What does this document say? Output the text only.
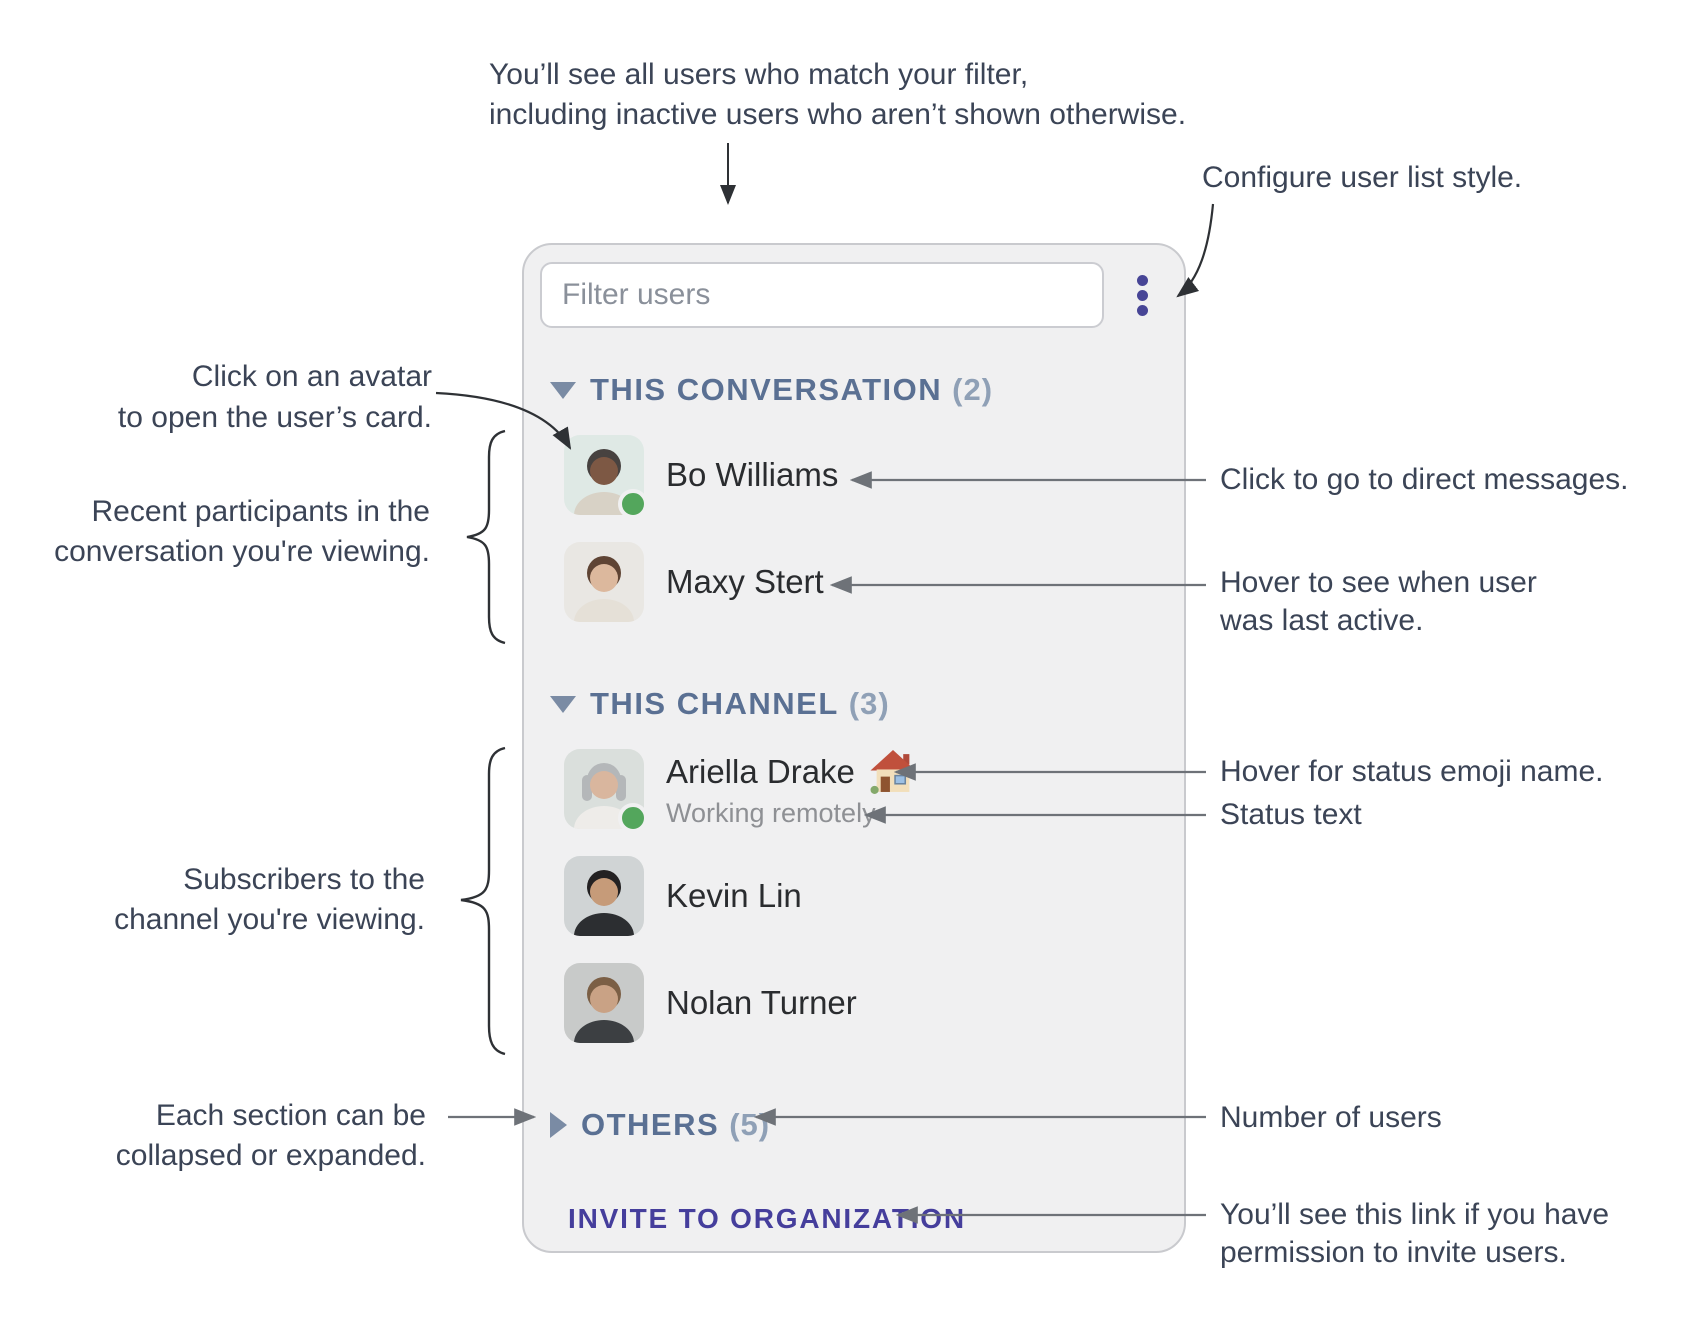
Filter users
THIS CONVERSATION (2)
Bo Williams
Maxy Stert
THIS CHANNEL (3)
Ariella Drake
Working remotely
Kevin Lin
Nolan Turner
OTHERS (5)
INVITE TO ORGANIZATION
You’ll see all users who match your filter,
including inactive users who aren’t shown otherwise.
Configure user list style.
Click on an avatar
to open the user’s card.
Recent participants in the
conversation you're viewing.
Subscribers to the
channel you're viewing.
Each section can be
collapsed or expanded.
Click to go to direct messages.
Hover to see when user
was last active.
Hover for status emoji name.
Status text
Number of users
You’ll see this link if you have
permission to invite users.
